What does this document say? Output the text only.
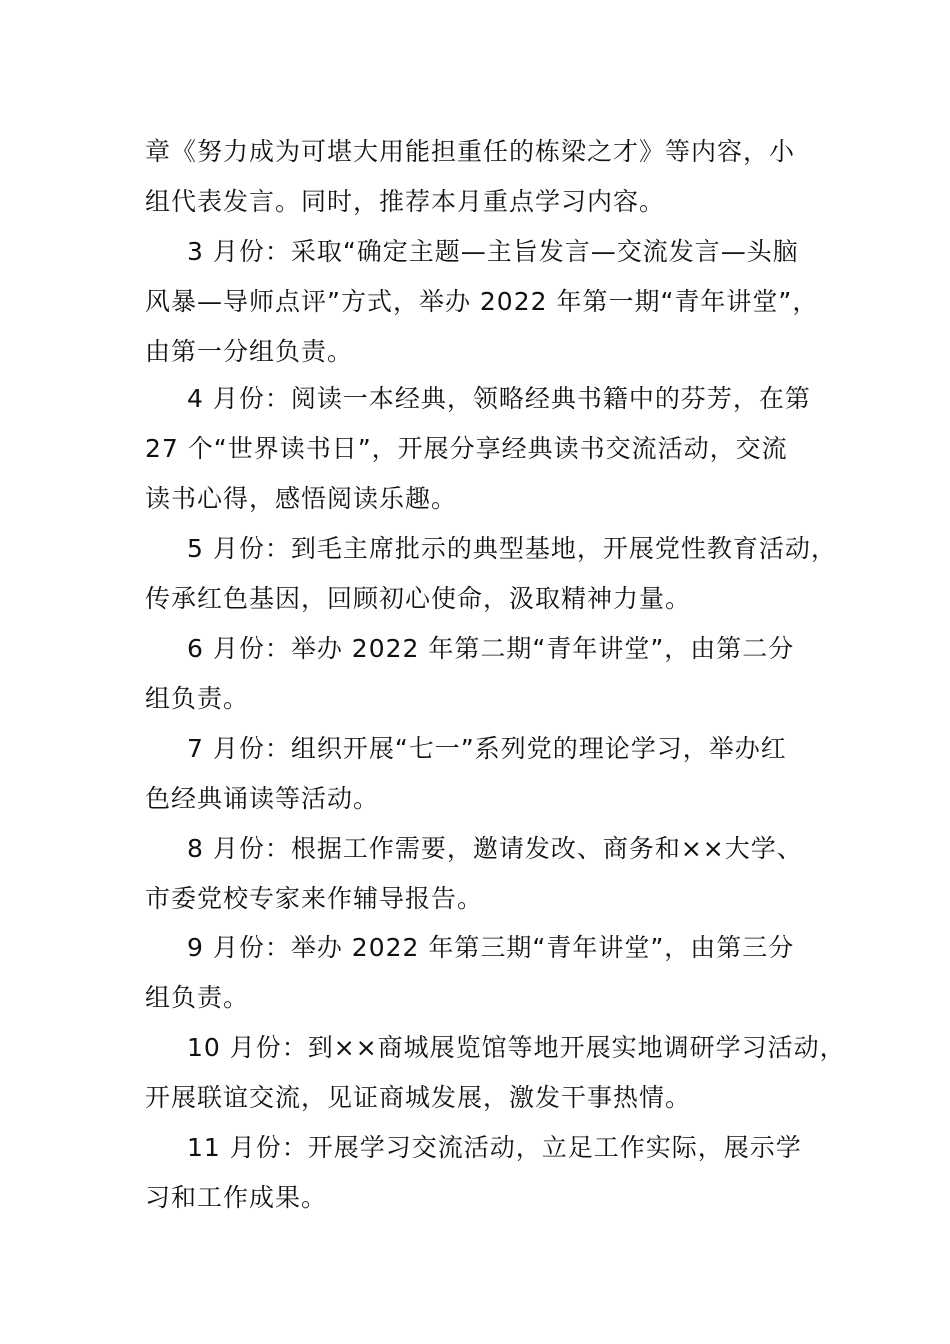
章《努力成为可堪大用能担重任的栋梁之才》等内容，小
组代表发言。同时，推荐本月重点学习内容。
3 月份：采取“确定主题—主旨发言—交流发言—头脑
风暴—导师点评”方式，举办 2022 年第一期“青年讲堂”，
由第一分组负责。
4 月份：阅读一本经典，领略经典书籍中的芬芳，在第
27 个“世界读书日”，开展分享经典读书交流活动，交流
读书心得，感悟阅读乐趣。
5 月份：到毛主席批示的典型基地，开展党性教育活动，
传承红色基因，回顾初心使命，汲取精神力量。
6 月份：举办 2022 年第二期“青年讲堂”，由第二分
组负责。
7 月份：组织开展“七一”系列党的理论学习，举办红
色经典诵读等活动。
8 月份：根据工作需要，邀请发改、商务和××大学、
市委党校专家来作辅导报告。
9 月份：举办 2022 年第三期“青年讲堂”，由第三分
组负责。
10 月份：到××商城展览馆等地开展实地调研学习活动，
开展联谊交流，见证商城发展，激发干事热情。
11 月份：开展学习交流活动，立足工作实际，展示学
习和工作成果。
